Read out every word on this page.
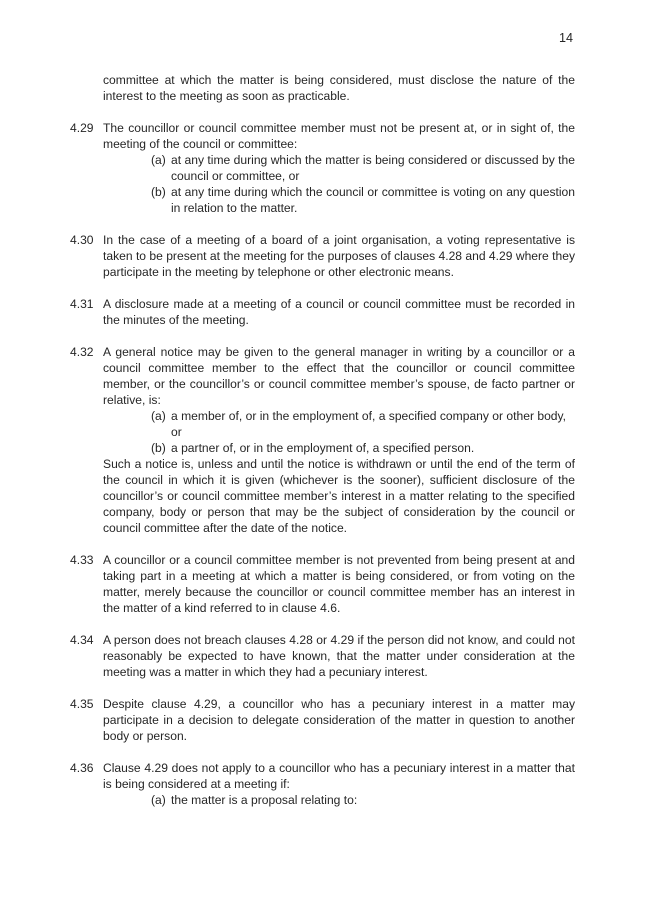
14
committee at which the matter is being considered, must disclose the nature of the interest to the meeting as soon as practicable.
4.29 The councillor or council committee member must not be present at, or in sight of, the meeting of the council or committee:
(a) at any time during which the matter is being considered or discussed by the council or committee, or
(b) at any time during which the council or committee is voting on any question in relation to the matter.
4.30 In the case of a meeting of a board of a joint organisation, a voting representative is taken to be present at the meeting for the purposes of clauses 4.28 and 4.29 where they participate in the meeting by telephone or other electronic means.
4.31 A disclosure made at a meeting of a council or council committee must be recorded in the minutes of the meeting.
4.32 A general notice may be given to the general manager in writing by a councillor or a council committee member to the effect that the councillor or council committee member, or the councillor’s or council committee member’s spouse, de facto partner or relative, is:
(a) a member of, or in the employment of, a specified company or other body,
or
(b) a partner of, or in the employment of, a specified person.
Such a notice is, unless and until the notice is withdrawn or until the end of the term of the council in which it is given (whichever is the sooner), sufficient disclosure of the councillor’s or council committee member’s interest in a matter relating to the specified company, body or person that may be the subject of consideration by the council or council committee after the date of the notice.
4.33 A councillor or a council committee member is not prevented from being present at and taking part in a meeting at which a matter is being considered, or from voting on the matter, merely because the councillor or council committee member has an interest in the matter of a kind referred to in clause 4.6.
4.34 A person does not breach clauses 4.28 or 4.29 if the person did not know, and could not reasonably be expected to have known, that the matter under consideration at the meeting was a matter in which they had a pecuniary interest.
4.35 Despite clause 4.29, a councillor who has a pecuniary interest in a matter may participate in a decision to delegate consideration of the matter in question to another body or person.
4.36 Clause 4.29 does not apply to a councillor who has a pecuniary interest in a matter that is being considered at a meeting if:
(a) the matter is a proposal relating to:
